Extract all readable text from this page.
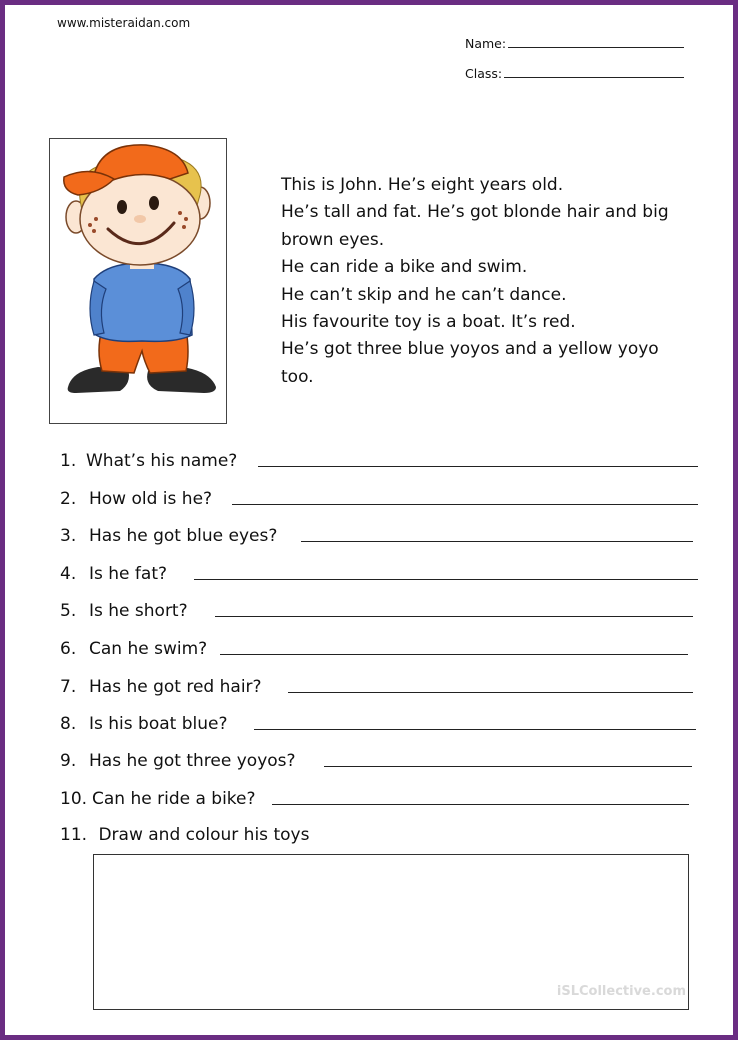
www.misteraidan.com
Name:
Class:
This is John. He’s eight years old.
He’s tall and fat. He’s got blonde hair and big
brown eyes.
He can ride a bike and swim.
He can’t skip and he can’t dance.
His favourite toy is a boat. It’s red.
He’s got three blue yoyos and a yellow yoyo
too.
1. What’s his name?
2. How old is he?
3. Has he got blue eyes?
4. Is he fat?
5. Is he short?
6. Can he swim?
7. Has he got red hair?
8. Is his boat blue?
9. Has he got three yoyos?
10. Can he ride a bike?
11. Draw and colour his toys
iSLCollective.com
